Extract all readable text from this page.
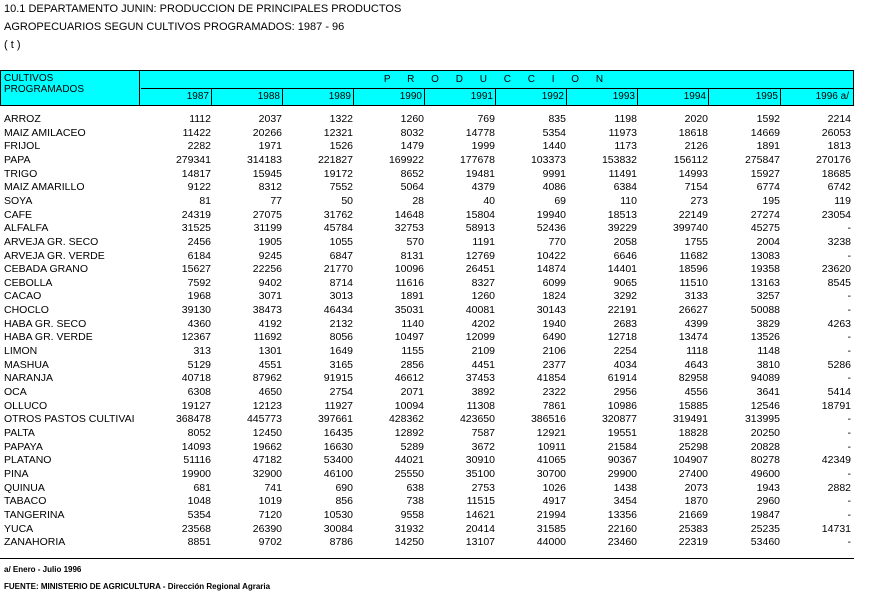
10.1 DEPARTAMENTO JUNIN: PRODUCCION DE PRINCIPALES PRODUCTOS
AGROPECUARIOS SEGUN CULTIVOS PROGRAMADOS: 1987 - 96
( t )
CULTIVOS PROGRAMADOS
P R O D U C C I O N
1987	1988	1989	1990	1991	1992	1993	1994	1995	1996 a/
ARROZ	1112	2037	1322	1260	769	835	1198	2020	1592	2214
MAIZ AMILACEO	11422	20266	12321	8032	14778	5354	11973	18618	14669	26053
FRIJOL	2282	1971	1526	1479	1999	1440	1173	2126	1891	1813
PAPA	279341	314183	221827	169922	177678	103373	153832	156112	275847	270176
TRIGO	14817	15945	19172	8652	19481	9991	11491	14993	15927	18685
MAIZ AMARILLO	9122	8312	7552	5064	4379	4086	6384	7154	6774	6742
SOYA	81	77	50	28	40	69	110	273	195	119
CAFE	24319	27075	31762	14648	15804	19940	18513	22149	27274	23054
ALFALFA	31525	31199	45784	32753	58913	52436	39229	399740	45275	-
ARVEJA GR. SECO	2456	1905	1055	570	1191	770	2058	1755	2004	3238
ARVEJA GR. VERDE	6184	9245	6847	8131	12769	10422	6646	11682	13083	-
CEBADA GRANO	15627	22256	21770	10096	26451	14874	14401	18596	19358	23620
CEBOLLA	7592	9402	8714	11616	8327	6099	9065	11510	13163	8545
CACAO	1968	3071	3013	1891	1260	1824	3292	3133	3257	-
CHOCLO	39130	38473	46434	35031	40081	30143	22191	26627	50088	-
HABA GR. SECO	4360	4192	2132	1140	4202	1940	2683	4399	3829	4263
HABA GR. VERDE	12367	11692	8056	10497	12099	6490	12718	13474	13526	-
LIMON	313	1301	1649	1155	2109	2106	2254	1118	1148	-
MASHUA	5129	4551	3165	2856	4451	2377	4034	4643	3810	5286
NARANJA	40718	87962	91915	46612	37453	41854	61914	82958	94089	-
OCA	6308	4650	2754	2071	3892	2322	2956	4556	3641	5414
OLLUCO	19127	12123	11927	10094	11308	7861	10986	15885	12546	18791
OTROS PASTOS CULTIVAI	368478	445773	397661	428362	423650	386516	320877	319491	313995	-
PALTA	8052	12450	16435	12892	7587	12921	19551	18828	20250	-
PAPAYA	14093	19662	16630	5289	3672	10911	21584	25298	20828	-
PLATANO	51116	47182	53400	44021	30910	41065	90367	104907	80278	42349
PINA	19900	32900	46100	25550	35100	30700	29900	27400	49600	-
QUINUA	681	741	690	638	2753	1026	1438	2073	1943	2882
TABACO	1048	1019	856	738	11515	4917	3454	1870	2960	-
TANGERINA	5354	7120	10530	9558	14621	21994	13356	21669	19847	-
YUCA	23568	26390	30084	31932	20414	31585	22160	25383	25235	14731
ZANAHORIA	8851	9702	8786	14250	13107	44000	23460	22319	53460	-
a/ Enero - Julio 1996
FUENTE: MINISTERIO DE AGRICULTURA - Dirección Regional Agraria
